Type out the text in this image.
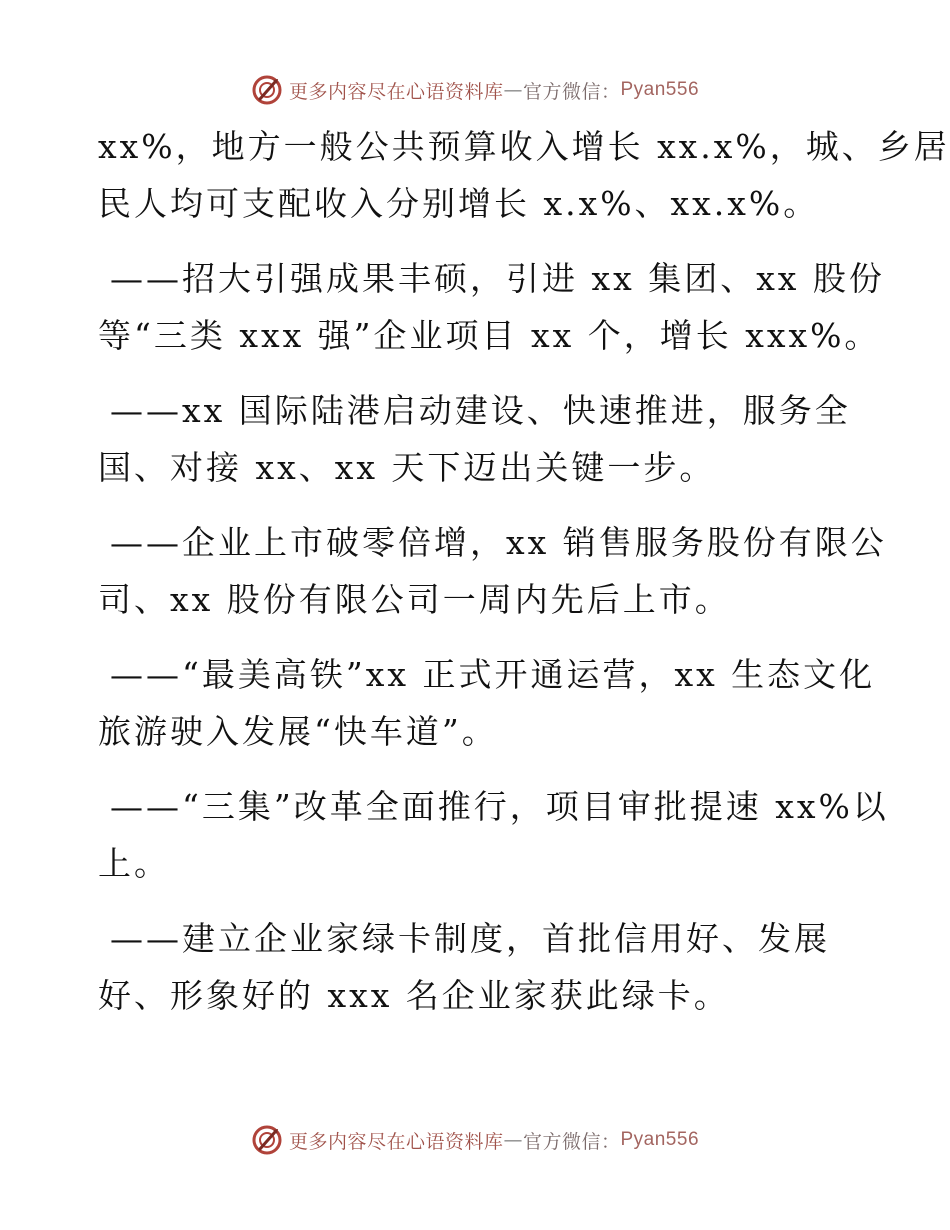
更多内容尽在心语资料库 — 官方微信： Pyan556
xx%，地方一般公共预算收入增长 xx.x%，城、乡居
民人均可支配收入分别增长 x.x%、xx.x%。
——招大引强成果丰硕，引进 xx 集团、xx 股份
等“三类 xxx 强”企业项目 xx 个，增长 xxx%。
——xx 国际陆港启动建设、快速推进，服务全
国、对接 xx、xx 天下迈出关键一步。
——企业上市破零倍增，xx 销售服务股份有限公
司、xx 股份有限公司一周内先后上市。
——“最美高铁”xx 正式开通运营，xx 生态文化
旅游驶入发展“快车道”。
——“三集”改革全面推行，项目审批提速 xx%以
上。
——建立企业家绿卡制度，首批信用好、发展
好、形象好的 xxx 名企业家获此绿卡。
更多内容尽在心语资料库 — 官方微信： Pyan556
